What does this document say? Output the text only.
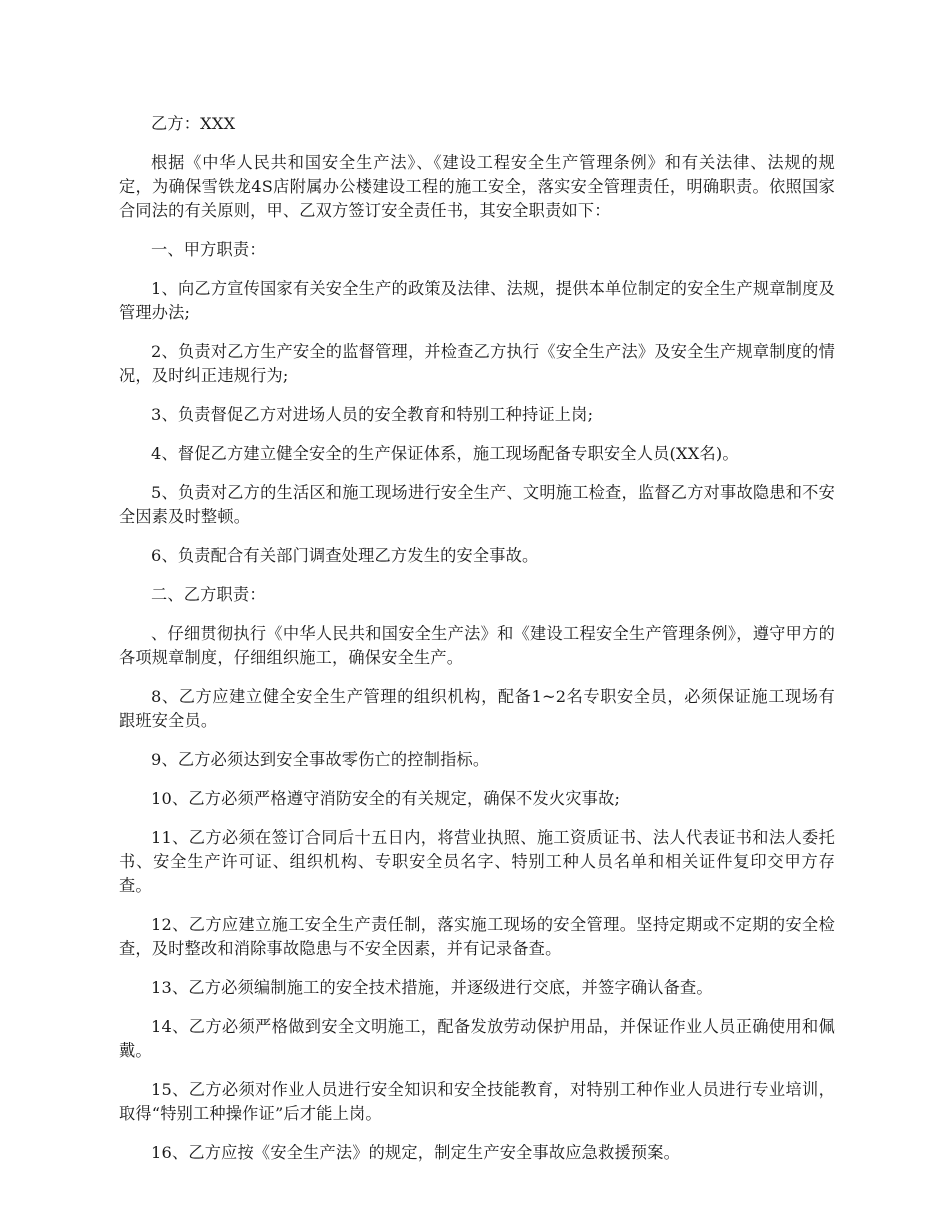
乙方：XXX

根据《中华人民共和国安全生产法》、《建设工程安全生产管理条例》和有关法律、法规的规定，为确保雪铁龙4S店附属办公楼建设工程的施工安全，落实安全管理责任，明确职责。依照国家合同法的有关原则，甲、乙双方签订安全责任书，其安全职责如下：

一、甲方职责：

1、向乙方宣传国家有关安全生产的政策及法律、法规，提供本单位制定的安全生产规章制度及管理办法;

2、负责对乙方生产安全的监督管理，并检查乙方执行《安全生产法》及安全生产规章制度的情况，及时纠正违规行为;

3、负责督促乙方对进场人员的安全教育和特别工种持证上岗;

4、督促乙方建立健全安全的生产保证体系，施工现场配备专职安全人员(XX名)。

5、负责对乙方的生活区和施工现场进行安全生产、文明施工检查，监督乙方对事故隐患和不安全因素及时整顿。

6、负责配合有关部门调查处理乙方发生的安全事故。

二、乙方职责：

、仔细贯彻执行《中华人民共和国安全生产法》和《建设工程安全生产管理条例》，遵守甲方的各项规章制度，仔细组织施工，确保安全生产。

8、乙方应建立健全安全生产管理的组织机构，配备1~2名专职安全员，必须保证施工现场有跟班安全员。

9、乙方必须达到安全事故零伤亡的控制指标。

10、乙方必须严格遵守消防安全的有关规定，确保不发火灾事故;

11、乙方必须在签订合同后十五日内，将营业执照、施工资质证书、法人代表证书和法人委托书、安全生产许可证、组织机构、专职安全员名字、特别工种人员名单和相关证件复印交甲方存查。

12、乙方应建立施工安全生产责任制，落实施工现场的安全管理。坚持定期或不定期的安全检查，及时整改和消除事故隐患与不安全因素，并有记录备查。

13、乙方必须编制施工的安全技术措施，并逐级进行交底，并签字确认备查。

14、乙方必须严格做到安全文明施工，配备发放劳动保护用品，并保证作业人员正确使用和佩戴。

15、乙方必须对作业人员进行安全知识和安全技能教育，对特别工种作业人员进行专业培训，取得“特别工种操作证”后才能上岗。

16、乙方应按《安全生产法》的规定，制定生产安全事故应急救援预案。
